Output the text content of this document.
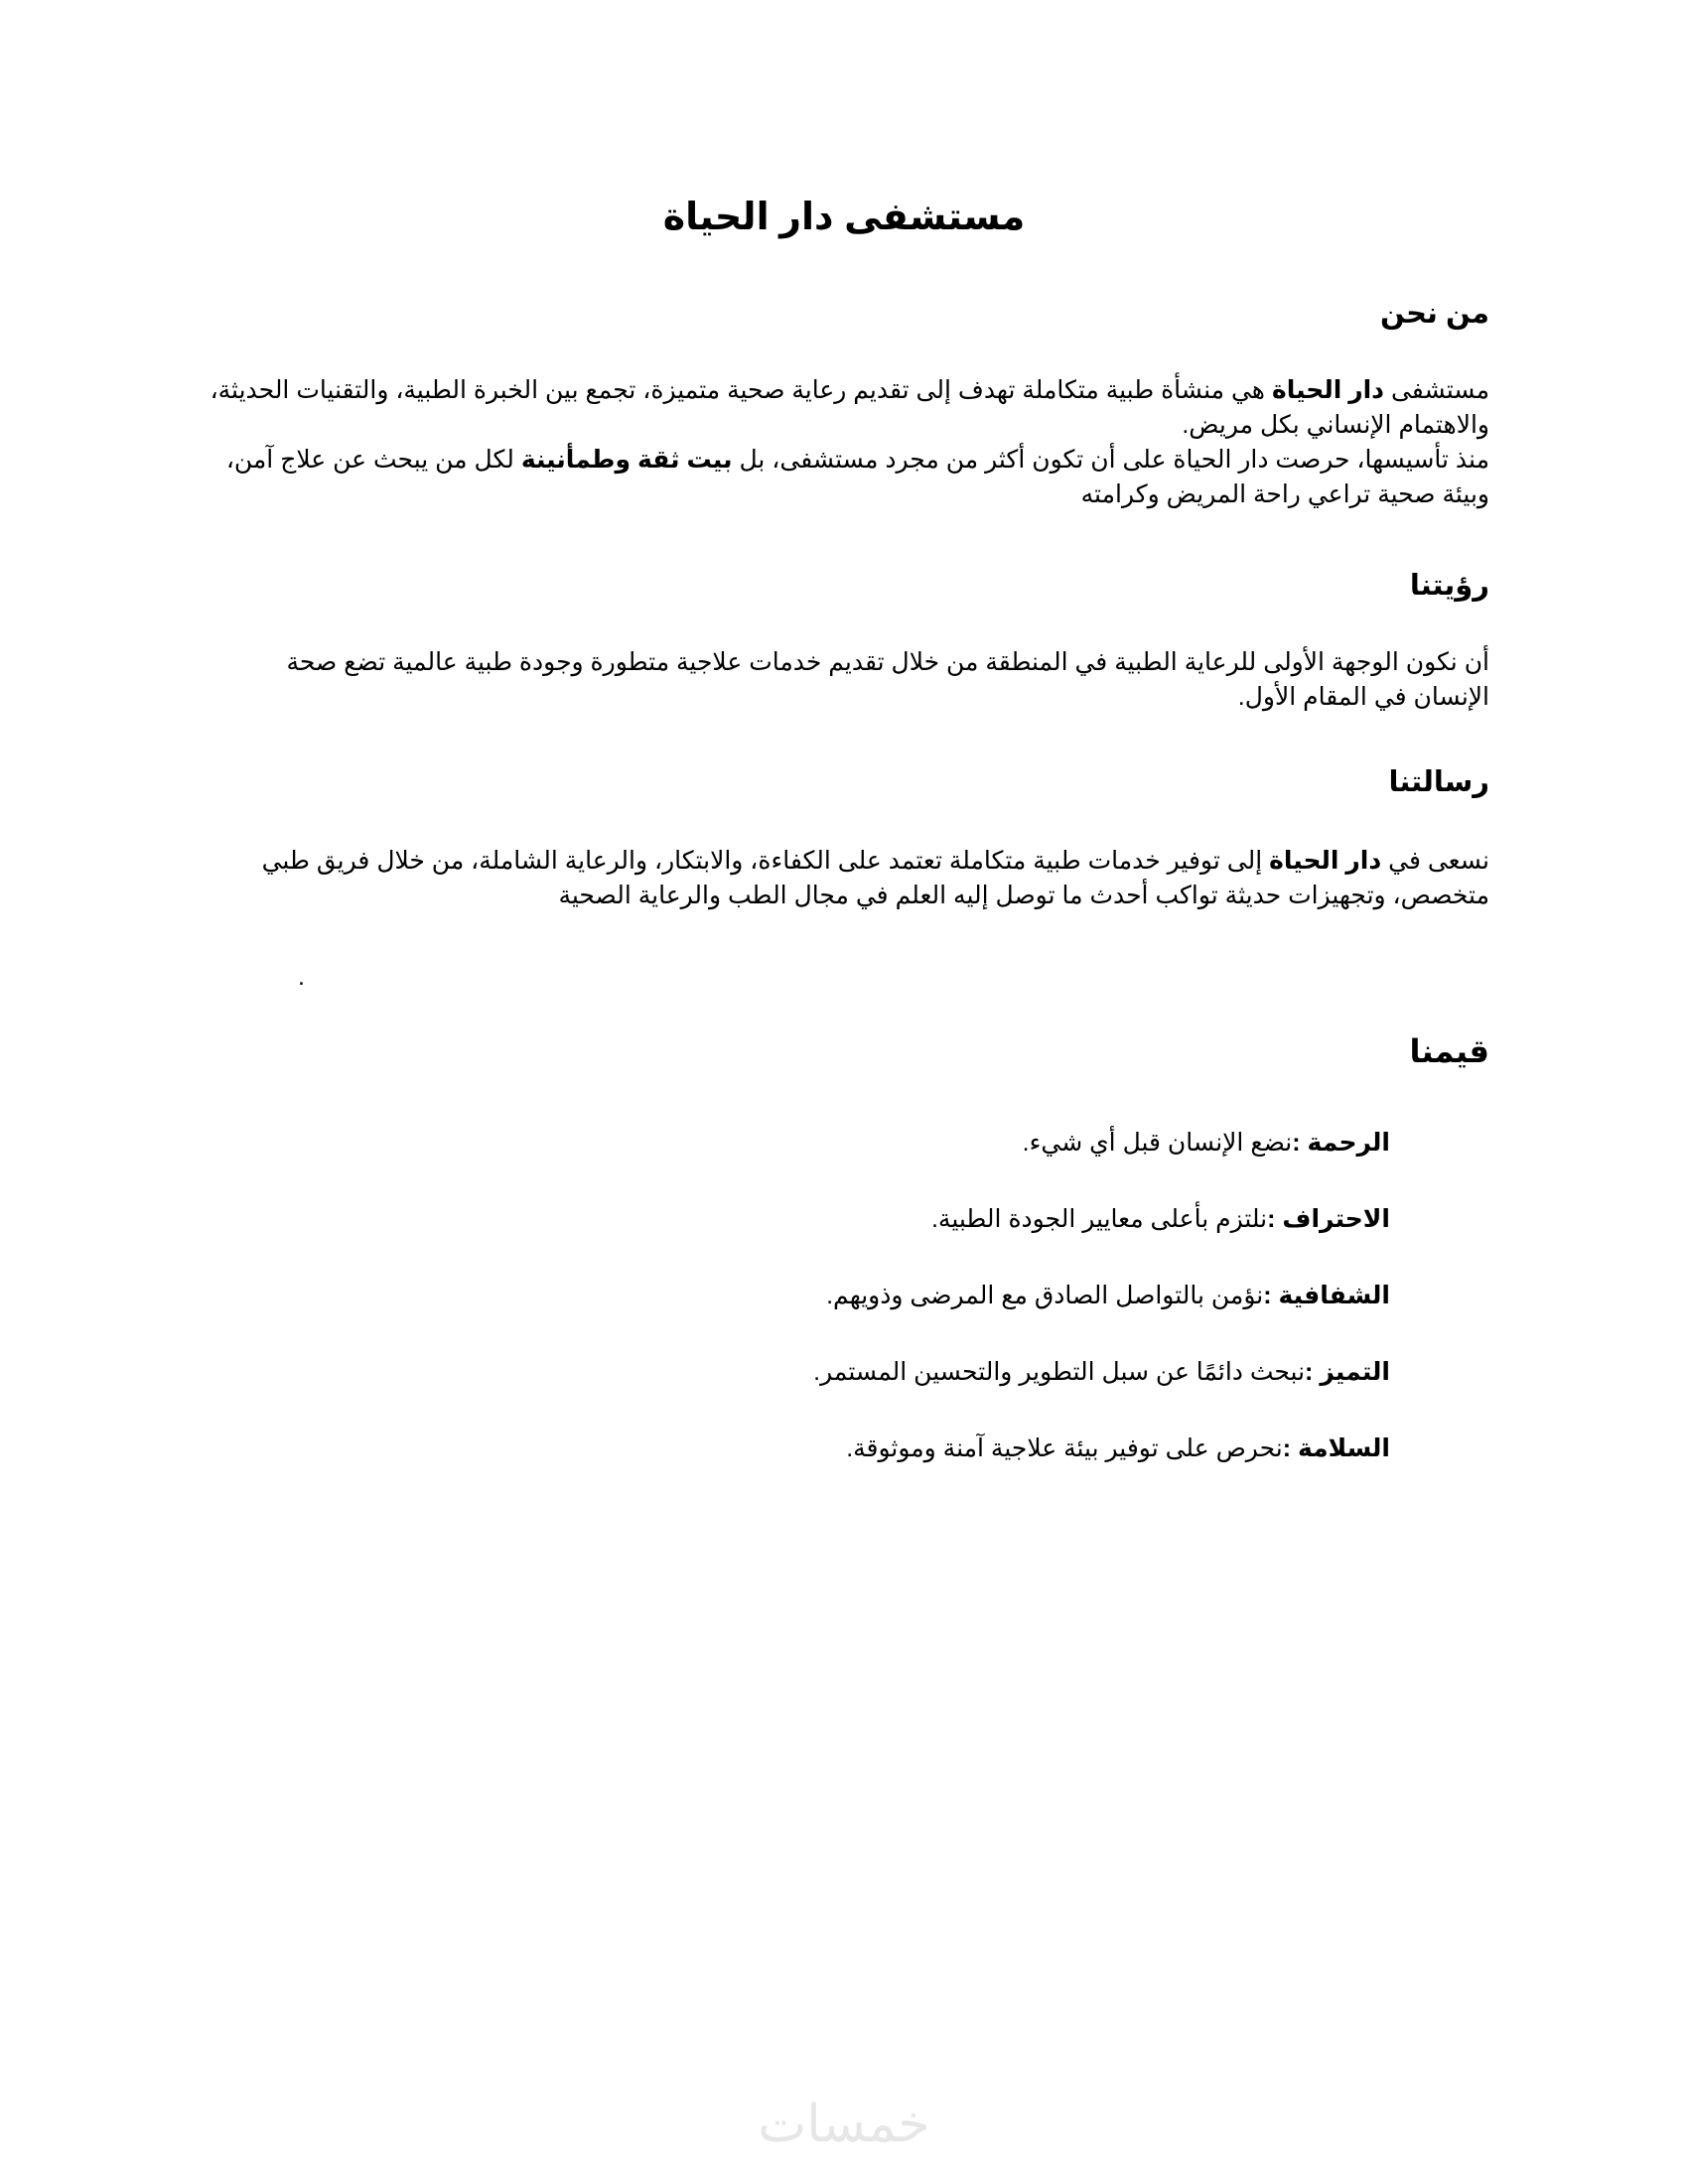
مستشفى دار الحياة
من نحن

مستشفى دار الحياة هي منشأة طبية متكاملة تهدف إلى تقديم رعاية صحية متميزة، تجمع بين الخبرة الطبية، والتقنيات الحديثة،
والاهتمام الإنساني بكل مريض.
منذ تأسيسها، حرصت دار الحياة على أن تكون أكثر من مجرد مستشفى، بل بيت ثقة وطمأنينة لكل من يبحث عن علاج آمن،
وبيئة صحية تراعي راحة المريض وكرامته

رؤيتنا

أن نكون الوجهة الأولى للرعاية الطبية في المنطقة من خلال تقديم خدمات علاجية متطورة وجودة طبية عالمية تضع صحة
الإنسان في المقام الأول.

رسالتنا

نسعى في دار الحياة إلى توفير خدمات طبية متكاملة تعتمد على الكفاءة، والابتكار، والرعاية الشاملة، من خلال فريق طبي
متخصص، وتجهيزات حديثة تواكب أحدث ما توصل إليه العلم في مجال الطب والرعاية الصحية

.

قيمنا
الرحمة :نضع الإنسان قبل أي شيء.
الاحتراف :نلتزم بأعلى معايير الجودة الطبية.
الشفافية :نؤمن بالتواصل الصادق مع المرضى وذويهم.
التميز :نبحث دائمًا عن سبل التطوير والتحسين المستمر.
السلامة :نحرص على توفير بيئة علاجية آمنة وموثوقة.
خمسات
